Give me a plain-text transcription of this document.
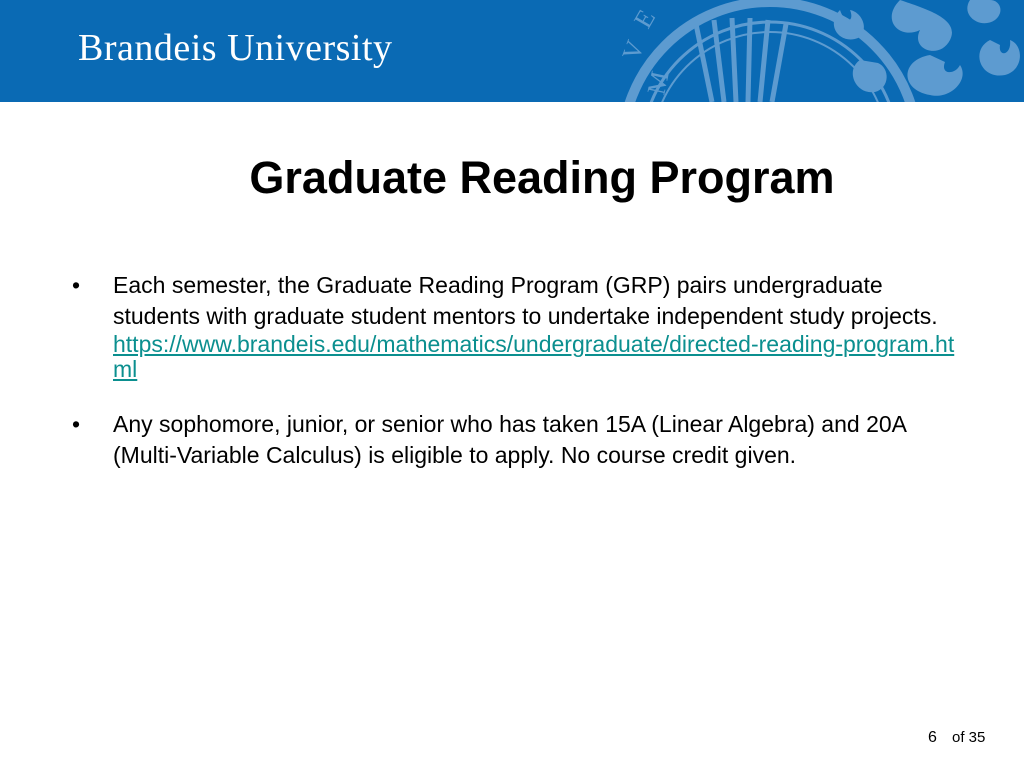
V
E
M
Brandeis University
Graduate Reading Program
• Each semester, the Graduate Reading Program (GRP) pairs undergraduate students with graduate student mentors to undertake independent study projects.
https://www.brandeis.edu/mathematics/undergraduate/directed-reading-program.html
• Any sophomore, junior, or senior who has taken 15A (Linear Algebra) and 20A (Multi-Variable Calculus) is eligible to apply. No course credit given.
6 of 35
